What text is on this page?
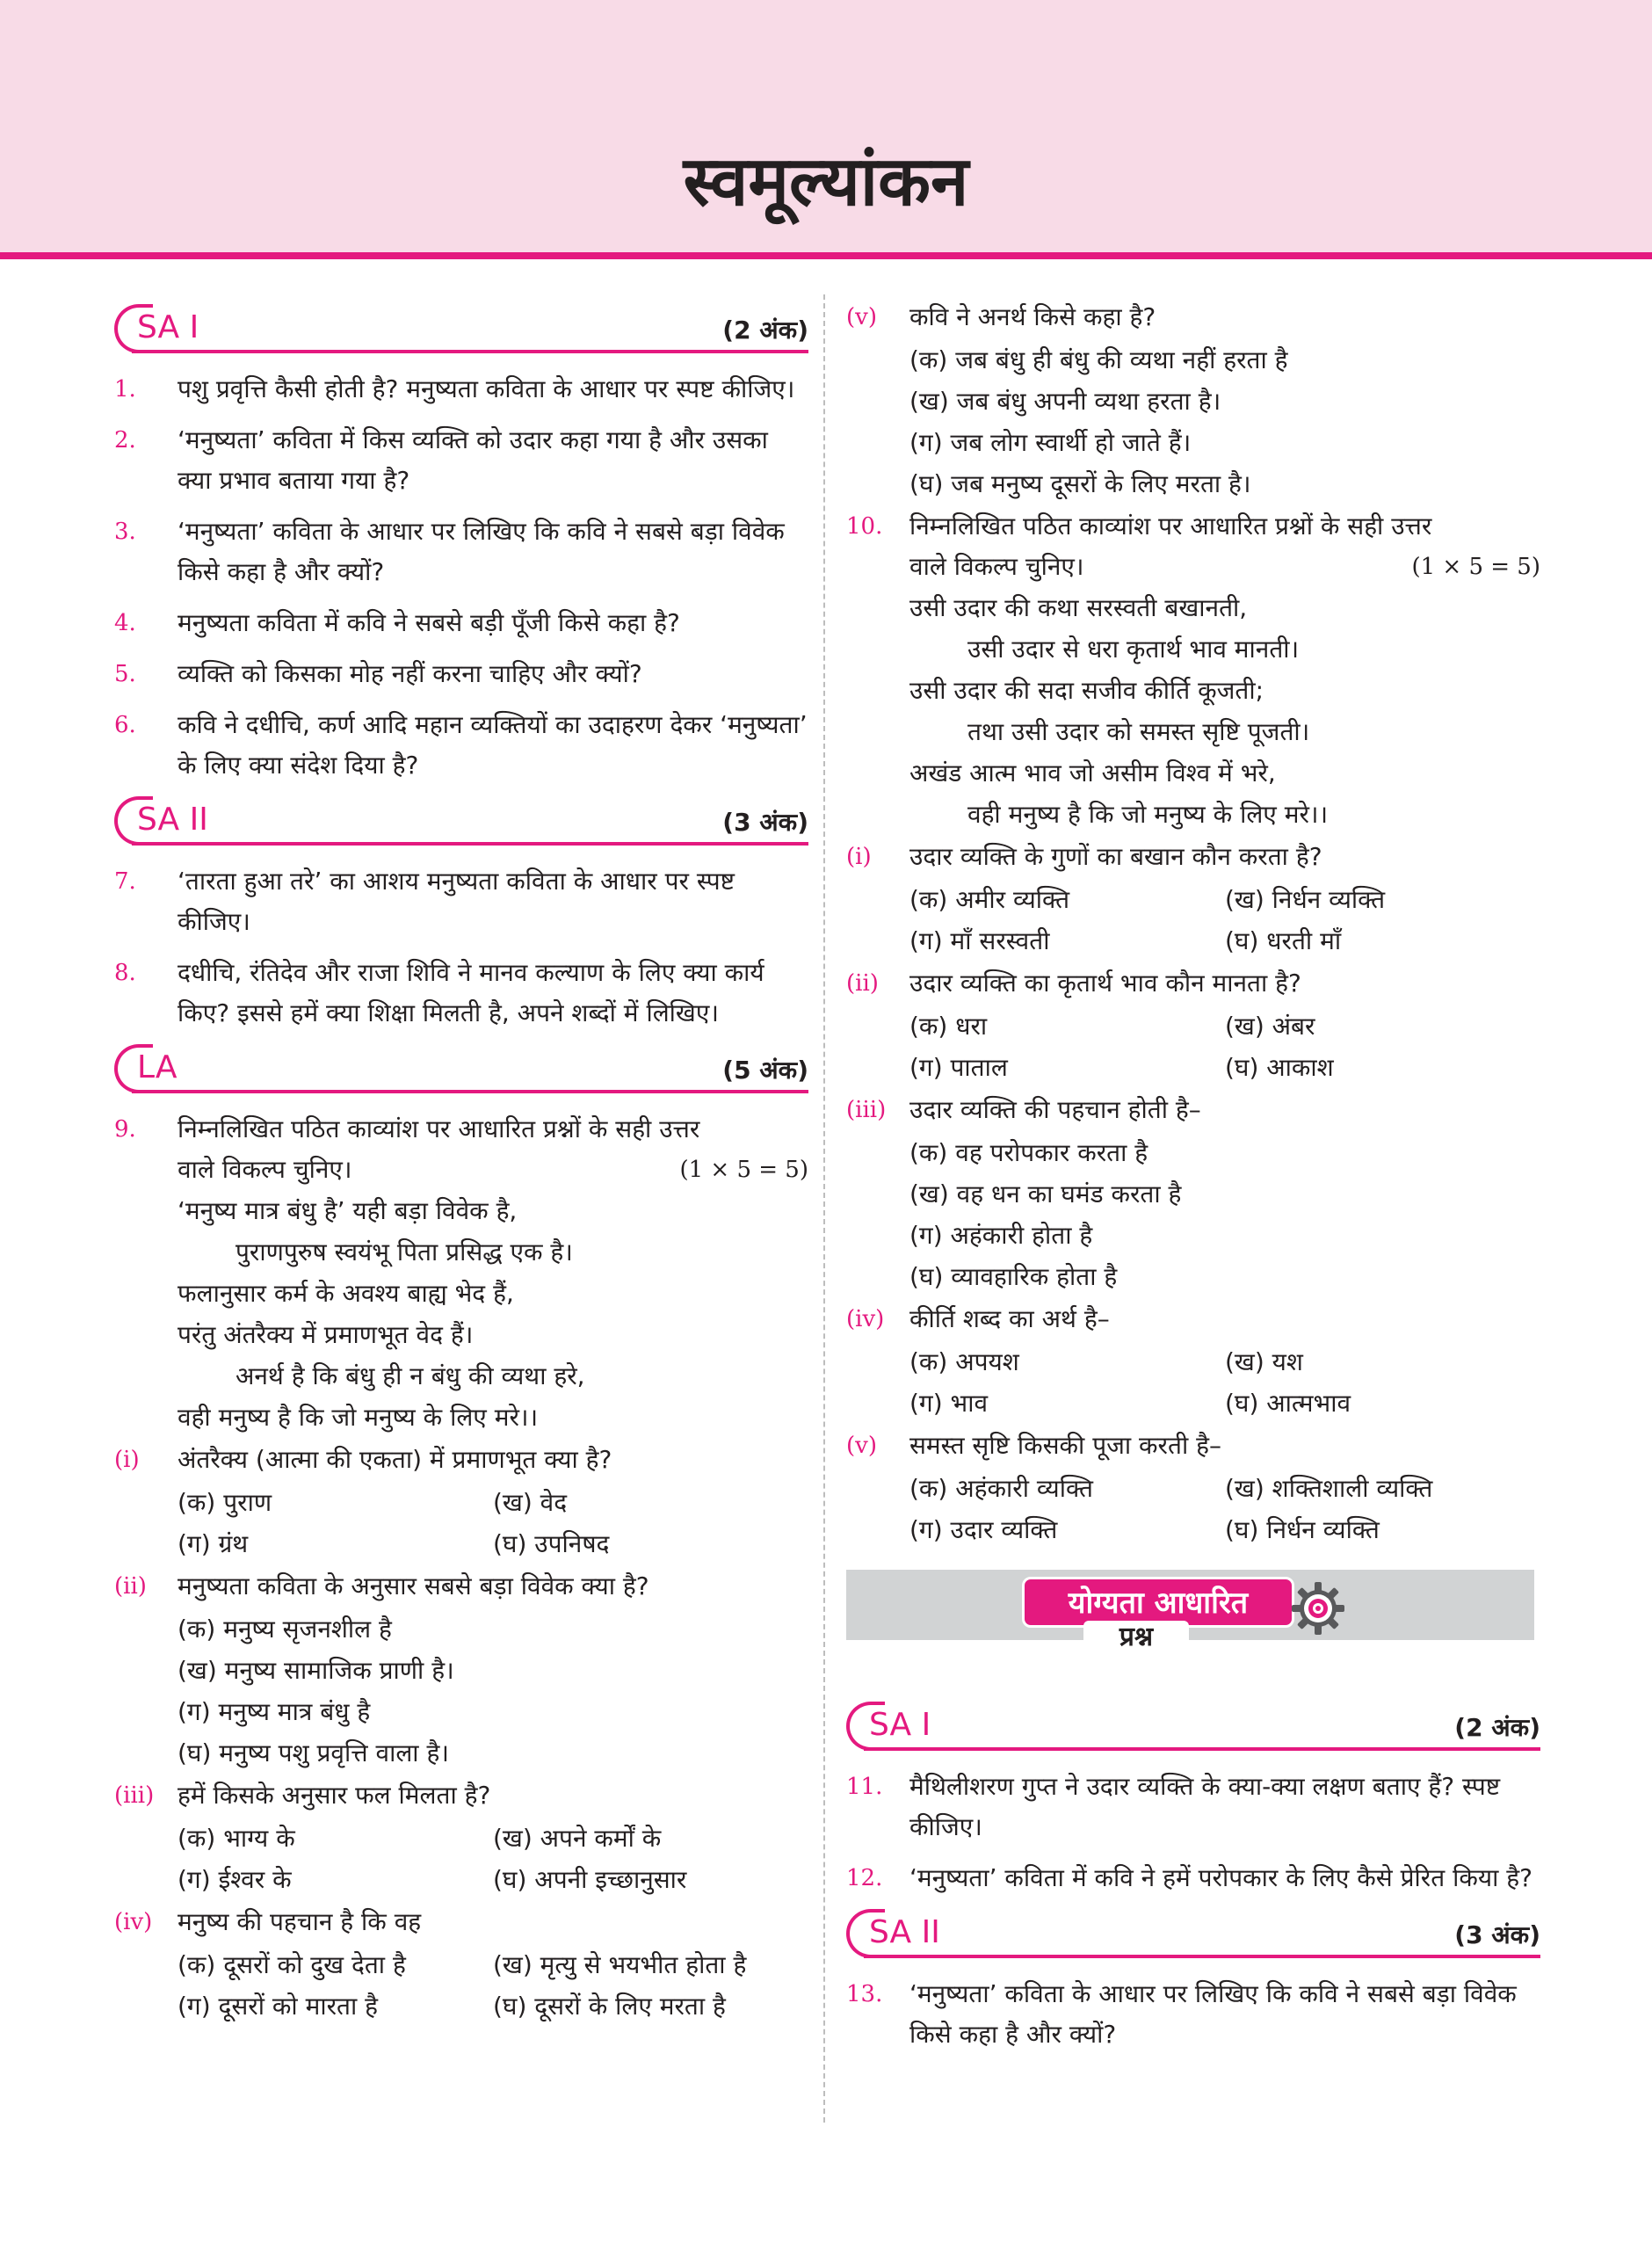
स्वमूल्यांकन
SA I	(2 अंक)
1. पशु प्रवृत्ति कैसी होती है? मनुष्यता कविता के आधार पर स्पष्ट कीजिए।
2. ‘मनुष्यता’ कविता में किस व्यक्ति को उदार कहा गया है और उसका क्या प्रभाव बताया गया है?
3. ‘मनुष्यता’ कविता के आधार पर लिखिए कि कवि ने सबसे बड़ा विवेक किसे कहा है और क्यों?
4. मनुष्यता कविता में कवि ने सबसे बड़ी पूँजी किसे कहा है?
5. व्यक्ति को किसका मोह नहीं करना चाहिए और क्यों?
6. कवि ने दधीचि, कर्ण आदि महान व्यक्तियों का उदाहरण देकर ‘मनुष्यता’ के लिए क्या संदेश दिया है?
SA II	(3 अंक)
7. ‘तारता हुआ तरे’ का आशय मनुष्यता कविता के आधार पर स्पष्ट कीजिए।
8. दधीचि, रंतिदेव और राजा शिवि ने मानव कल्याण के लिए क्या कार्य किए? इससे हमें क्या शिक्षा मिलती है, अपने शब्दों में लिखिए।
LA	(5 अंक)
9. निम्नलिखित पठित काव्यांश पर आधारित प्रश्नों के सही उत्तर
वाले विकल्प चुनिए।	(1 × 5 = 5)
‘मनुष्य मात्र बंधु है’ यही बड़ा विवेक है,
पुराणपुरुष स्वयंभू पिता प्रसिद्ध एक है।
फलानुसार कर्म के अवश्य बाह्य भेद हैं,
परंतु अंतरैक्य में प्रमाणभूत वेद हैं।
अनर्थ है कि बंधु ही न बंधु की व्यथा हरे,
वही मनुष्य है कि जो मनुष्य के लिए मरे।।
(i) अंतरैक्य (आत्मा की एकता) में प्रमाणभूत क्या है?
(क) पुराण	(ख) वेद
(ग) ग्रंथ	(घ) उपनिषद
(ii) मनुष्यता कविता के अनुसार सबसे बड़ा विवेक क्या है?
(क) मनुष्य सृजनशील है
(ख) मनुष्य सामाजिक प्राणी है।
(ग) मनुष्य मात्र बंधु है
(घ) मनुष्य पशु प्रवृत्ति वाला है।
(iii) हमें किसके अनुसार फल मिलता है?
(क) भाग्य के	(ख) अपने कर्मों के
(ग) ईश्वर के	(घ) अपनी इच्छानुसार
(iv) मनुष्य की पहचान है कि वह
(क) दूसरों को दुख देता है	(ख) मृत्यु से भयभीत होता है
(ग) दूसरों को मारता है	(घ) दूसरों के लिए मरता है
(v) कवि ने अनर्थ किसे कहा है?
(क) जब बंधु ही बंधु की व्यथा नहीं हरता है
(ख) जब बंधु अपनी व्यथा हरता है।
(ग) जब लोग स्वार्थी हो जाते हैं।
(घ) जब मनुष्य दूसरों के लिए मरता है।
10. निम्नलिखित पठित काव्यांश पर आधारित प्रश्नों के सही उत्तर
वाले विकल्प चुनिए।	(1 × 5 = 5)
उसी उदार की कथा सरस्वती बखानती,
उसी उदार से धरा कृतार्थ भाव मानती।
उसी उदार की सदा सजीव कीर्ति कूजती;
तथा उसी उदार को समस्त सृष्टि पूजती।
अखंड आत्म भाव जो असीम विश्व में भरे,
वही मनुष्य है कि जो मनुष्य के लिए मरे।।
(i) उदार व्यक्ति के गुणों का बखान कौन करता है?
(क) अमीर व्यक्ति	(ख) निर्धन व्यक्ति
(ग) माँ सरस्वती	(घ) धरती माँ
(ii) उदार व्यक्ति का कृतार्थ भाव कौन मानता है?
(क) धरा	(ख) अंबर
(ग) पाताल	(घ) आकाश
(iii) उदार व्यक्ति की पहचान होती है–
(क) वह परोपकार करता है
(ख) वह धन का घमंड करता है
(ग) अहंकारी होता है
(घ) व्यावहारिक होता है
(iv) कीर्ति शब्द का अर्थ है–
(क) अपयश	(ख) यश
(ग) भाव	(घ) आत्मभाव
(v) समस्त सृष्टि किसकी पूजा करती है–
(क) अहंकारी व्यक्ति	(ख) शक्तिशाली व्यक्ति
(ग) उदार व्यक्ति	(घ) निर्धन व्यक्ति
योग्यता आधारित
प्रश्न
SA I	(2 अंक)
11. मैथिलीशरण गुप्त ने उदार व्यक्ति के क्या-क्या लक्षण बताए हैं? स्पष्ट कीजिए।
12. ‘मनुष्यता’ कविता में कवि ने हमें परोपकार के लिए कैसे प्रेरित किया है?
SA II	(3 अंक)
13. ‘मनुष्यता’ कविता के आधार पर लिखिए कि कवि ने सबसे बड़ा विवेक किसे कहा है और क्यों?
